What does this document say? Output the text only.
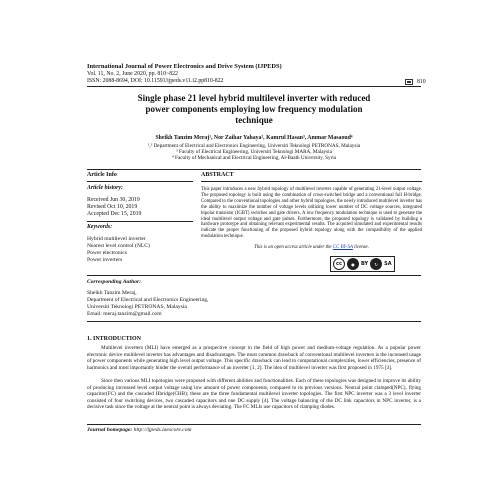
International Journal of Power Electronics and Drive System (IJPEDS)
Vol. 11, No. 2, June 2020, pp. 810~822
ISSN: 2088-8694, DOI: 10.11591/ijpeds.v11.i2.pp810-822	810
Single phase 21 level hybrid multilevel inverter with reduced
power components employing low frequency modulation
technique
Sheikh Tanzim Meraj¹, Nor Zaihar Yahaya², Kamrul Hasan³, Ammar Masaoud⁴
¹,² Department of Electrical and Electronics Engineering, Universiti Teknologi PETRONAS, Malaysia
³ Faculty of Electrical Engineering, Universiti Teknologi MARA, Malaysia
⁴ Faculty of Mechanical and Electrical Engineering, Al-Baath University, Syria
Article Info	ABSTRACT
Article history:
Received Jun 30, 2019
Revised Oct 10, 2019
Accepted Dec 15, 2019
Keywords:
Hybrid multilevel inverter
Nearest level control (NLC)
Power electronics
Power inverters
This paper introduces a new hybrid topology of multilevel inverter capable of generating 21-level output voltage. The proposed topology is built using the combination of cross-switched bridge and a conventional full H-bridge. Compared to the conventional topologies and other hybrid topologies, the newly introduced multilevel inverter has the ability to maximize the number of voltage levels utilizing lower number of DC voltage sources, integrated bipolar transistor (IGBT) switches and gate drivers. A low frequency modulation technique is used to generate the ideal multilevel output voltage and gate pulses. Furthermore, the proposed topology is validated by building a hardware prototype and obtaining relevant experimental results. The acquired simulated and experimental results indicate the proper functioning of the proposed hybrid topology along with the compatibility of the applied modulation technique.
This is an open access article under the CC BY-SA license.
cc	●	BY	↻	SA
Corresponding Author:
Sheikh Tanzim Meraj,
Department of Electrical and Electronics Engineering,
Universiti Teknologi PETRONAS, Malaysia
Email: meraj.tanzim@gmail.com
1. INTRODUCTION
Multilevel inverters (MLI) have emerged as a prospective concept in the field of high power and medium-voltage regulation. As a popular power electronic device multilevel inverter has advantages and disadvantages. The most common drawback of conventional multilevel inverters is the increased usage of power components while generating high level output voltage. This specific drawback can lead to computational complexities, lower efficiencies, presence of harmonics and most importantly hinder the overall performance of an inverter [1, 2]. The idea of multilevel inverter was first proposed in 1975 [3].
Since then various MLI topologies were proposed with different abilities and functionalities. Each of these topologies was designed to improve its ability of producing increased level output voltage using low amount of power components, compared to its previous versions. Neutral point clamped(NPC), flying capacitor(FC) and the cascaded Hbridge(CHB); these are the three fundamental multilevel inverter topologies. The first NPC inverter was a 3 level inverter consisted of four switching devices, two cascaded capacitors and one DC supply [4]. The voltage balancing of the DC link capacitors in NPC inverter, is a decisive task since the voltage at the neutral point is always deviating. The FC MLIs use capacitors of clamping diodes.
Journal homepage: http://ijpeds.iaescore.com
